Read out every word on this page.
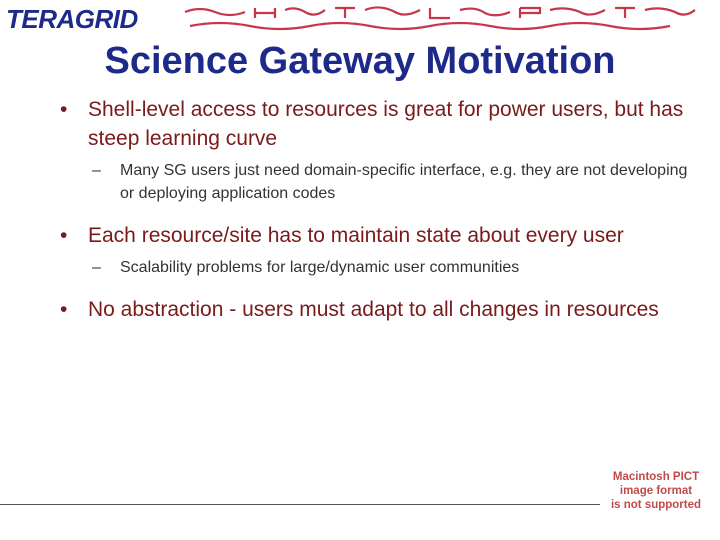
TERAGRID
Science Gateway Motivation
• Shell-level access to resources is great for power users, but has steep learning curve
– Many SG users just need domain-specific interface, e.g. they are not developing or deploying application codes
• Each resource/site has to maintain state about every user
– Scalability problems for large/dynamic user communities
• No abstraction - users must adapt to all changes in resources
Macintosh PICT
image format
is not supported
